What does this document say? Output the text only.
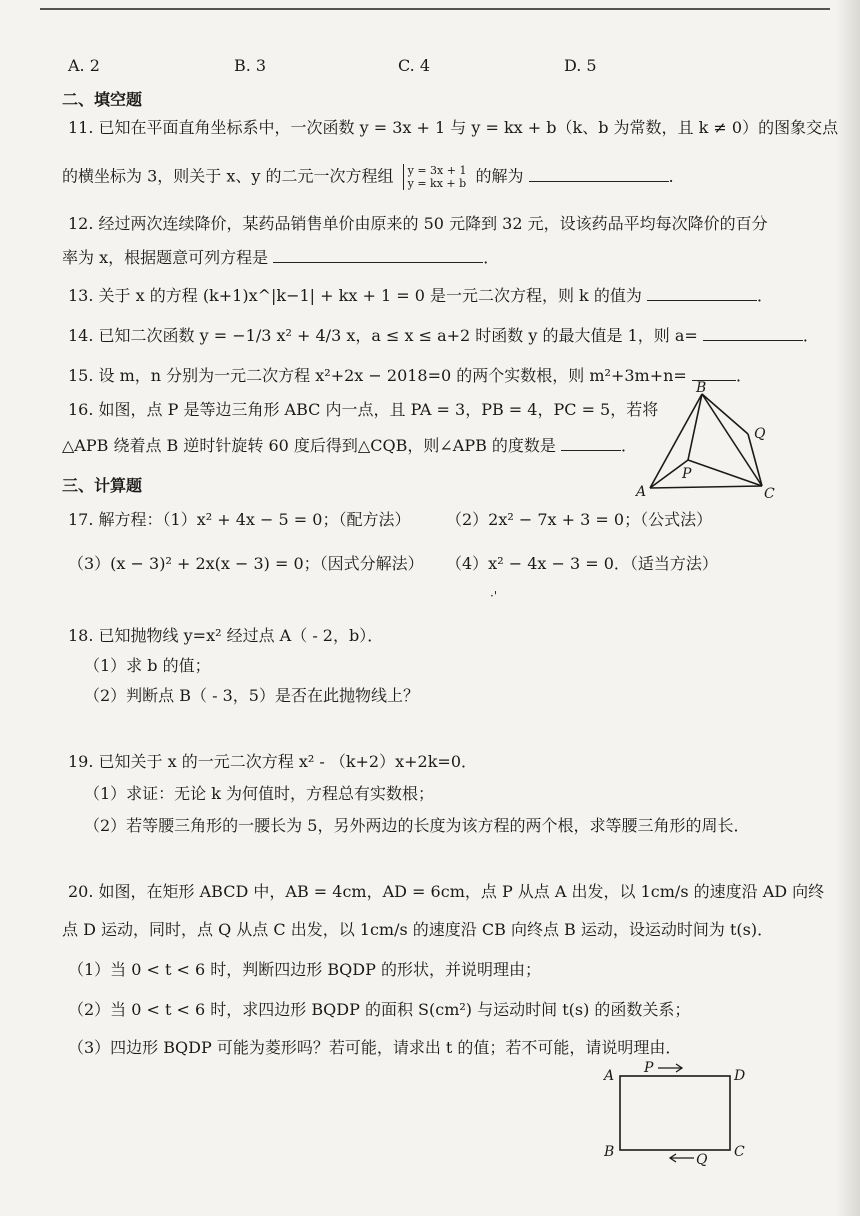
A. 2	B. 3	C. 4	D. 5
二、填空题
11. 已知在平面直角坐标系中，一次函数 y = 3x + 1 与 y = kx + b（k、b 为常数，且 k ≠ 0）的图象交点
的横坐标为 3，则关于 x、y 的二元一次方程组 y = 3x + 1
y = kx + b 的解为	．
12. 经过两次连续降价，某药品销售单价由原来的 50 元降到 32 元，设该药品平均每次降价的百分
率为 x，根据题意可列方程是	．
13. 关于 x 的方程 (k+1)x^|k−1| + kx + 1 = 0 是一元二次方程，则 k 的值为	．
14. 已知二次函数 y = −1/3 x² + 4/3 x，a ≤ x ≤ a+2 时函数 y 的最大值是 1，则 a=	．
15. 设 m，n 分别为一元二次方程 x²+2x − 2018=0 的两个实数根，则 m²+3m+n=	．
16. 如图，点 P 是等边三角形 ABC 内一点，且 PA = 3，PB = 4，PC = 5，若将
△APB 绕着点 B 逆时针旋转 60 度后得到△CQB，则∠APB 的度数是	．
B
Q
P
A	C
三、计算题
17. 解方程：（1）x² + 4x − 5 = 0；（配方法） （2）2x² − 7x + 3 = 0；（公式法）
（3）(x − 3)² + 2x(x − 3) = 0；（因式分解法） （4）x² − 4x − 3 = 0．（适当方法）
·'
18. 已知抛物线 y=x² 经过点 A（ - 2，b）．
（1）求 b 的值；
（2）判断点 B（ - 3，5）是否在此抛物线上？
19. 已知关于 x 的一元二次方程 x² - （k+2）x+2k=0．
（1）求证：无论 k 为何值时，方程总有实数根；
（2）若等腰三角形的一腰长为 5，另外两边的长度为该方程的两个根，求等腰三角形的周长．
20. 如图，在矩形 ABCD 中，AB = 4cm，AD = 6cm，点 P 从点 A 出发，以 1cm/s 的速度沿 AD 向终
点 D 运动，同时，点 Q 从点 C 出发，以 1cm/s 的速度沿 CB 向终点 B 运动，设运动时间为 t(s)．
（1）当 0 < t < 6 时，判断四边形 BQDP 的形状，并说明理由；
（2）当 0 < t < 6 时，求四边形 BQDP 的面积 S(cm²) 与运动时间 t(s) 的函数关系；
（3）四边形 BQDP 可能为菱形吗？若可能，请求出 t 的值；若不可能，请说明理由．
A P	D
B	Q C
